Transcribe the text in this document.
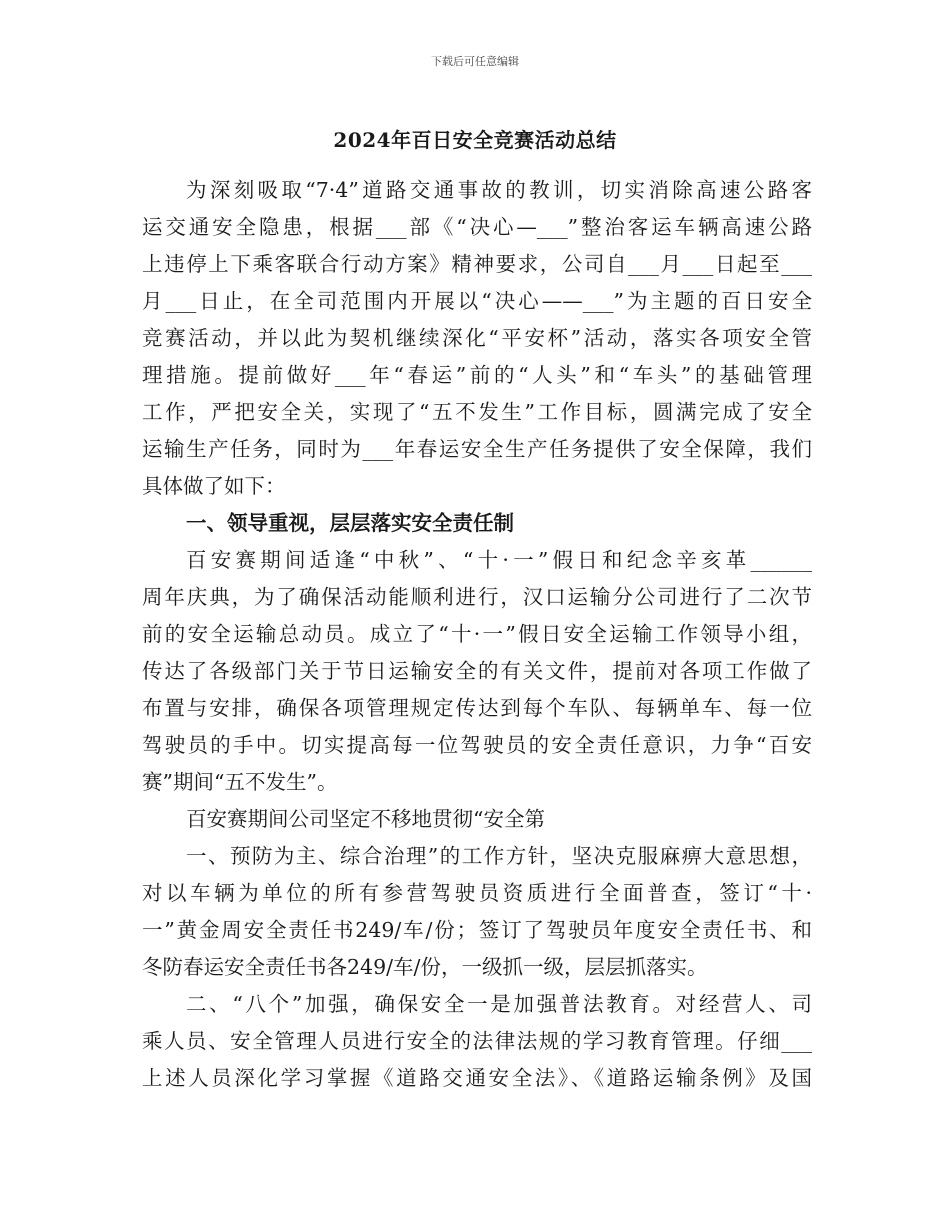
下载后可任意编辑
2024年百日安全竞赛活动总结
为深刻吸取“7·4”道路交通事故的教训，切实消除高速公路客
运交通安全隐患，根据___部《“决心—___”整治客运车辆高速公路
上违停上下乘客联合行动方案》精神要求，公司自___月___日起至___
月___日止，在全司范围内开展以“决心——___”为主题的百日安全
竞赛活动，并以此为契机继续深化“平安杯”活动，落实各项安全管
理措施。提前做好___年“春运”前的“人头”和“车头”的基础管理
工作，严把安全关，实现了“五不发生”工作目标，圆满完成了安全
运输生产任务，同时为___年春运安全生产任务提供了安全保障，我们
具体做了如下：
一、领导重视，层层落实安全责任制
百安赛期间适逢“中秋”、“十·一”假日和纪念辛亥革______
周年庆典，为了确保活动能顺利进行，汉口运输分公司进行了二次节
前的安全运输总动员。成立了“十·一”假日安全运输工作领导小组，
传达了各级部门关于节日运输安全的有关文件，提前对各项工作做了
布置与安排，确保各项管理规定传达到每个车队、每辆单车、每一位
驾驶员的手中。切实提高每一位驾驶员的安全责任意识，力争“百安
赛”期间“五不发生”。
百安赛期间公司坚定不移地贯彻“安全第
一、预防为主、综合治理”的工作方针，坚决克服麻痹大意思想，
对以车辆为单位的所有参营驾驶员资质进行全面普查，签订“十·
一”黄金周安全责任书249/车/份；签订了驾驶员年度安全责任书、和
冬防春运安全责任书各249/车/份，一级抓一级，层层抓落实。
二、“八个”加强，确保安全一是加强普法教育。对经营人、司
乘人员、安全管理人员进行安全的法律法规的学习教育管理。仔细___
上述人员深化学习掌握《道路交通安全法》、《道路运输条例》及国
